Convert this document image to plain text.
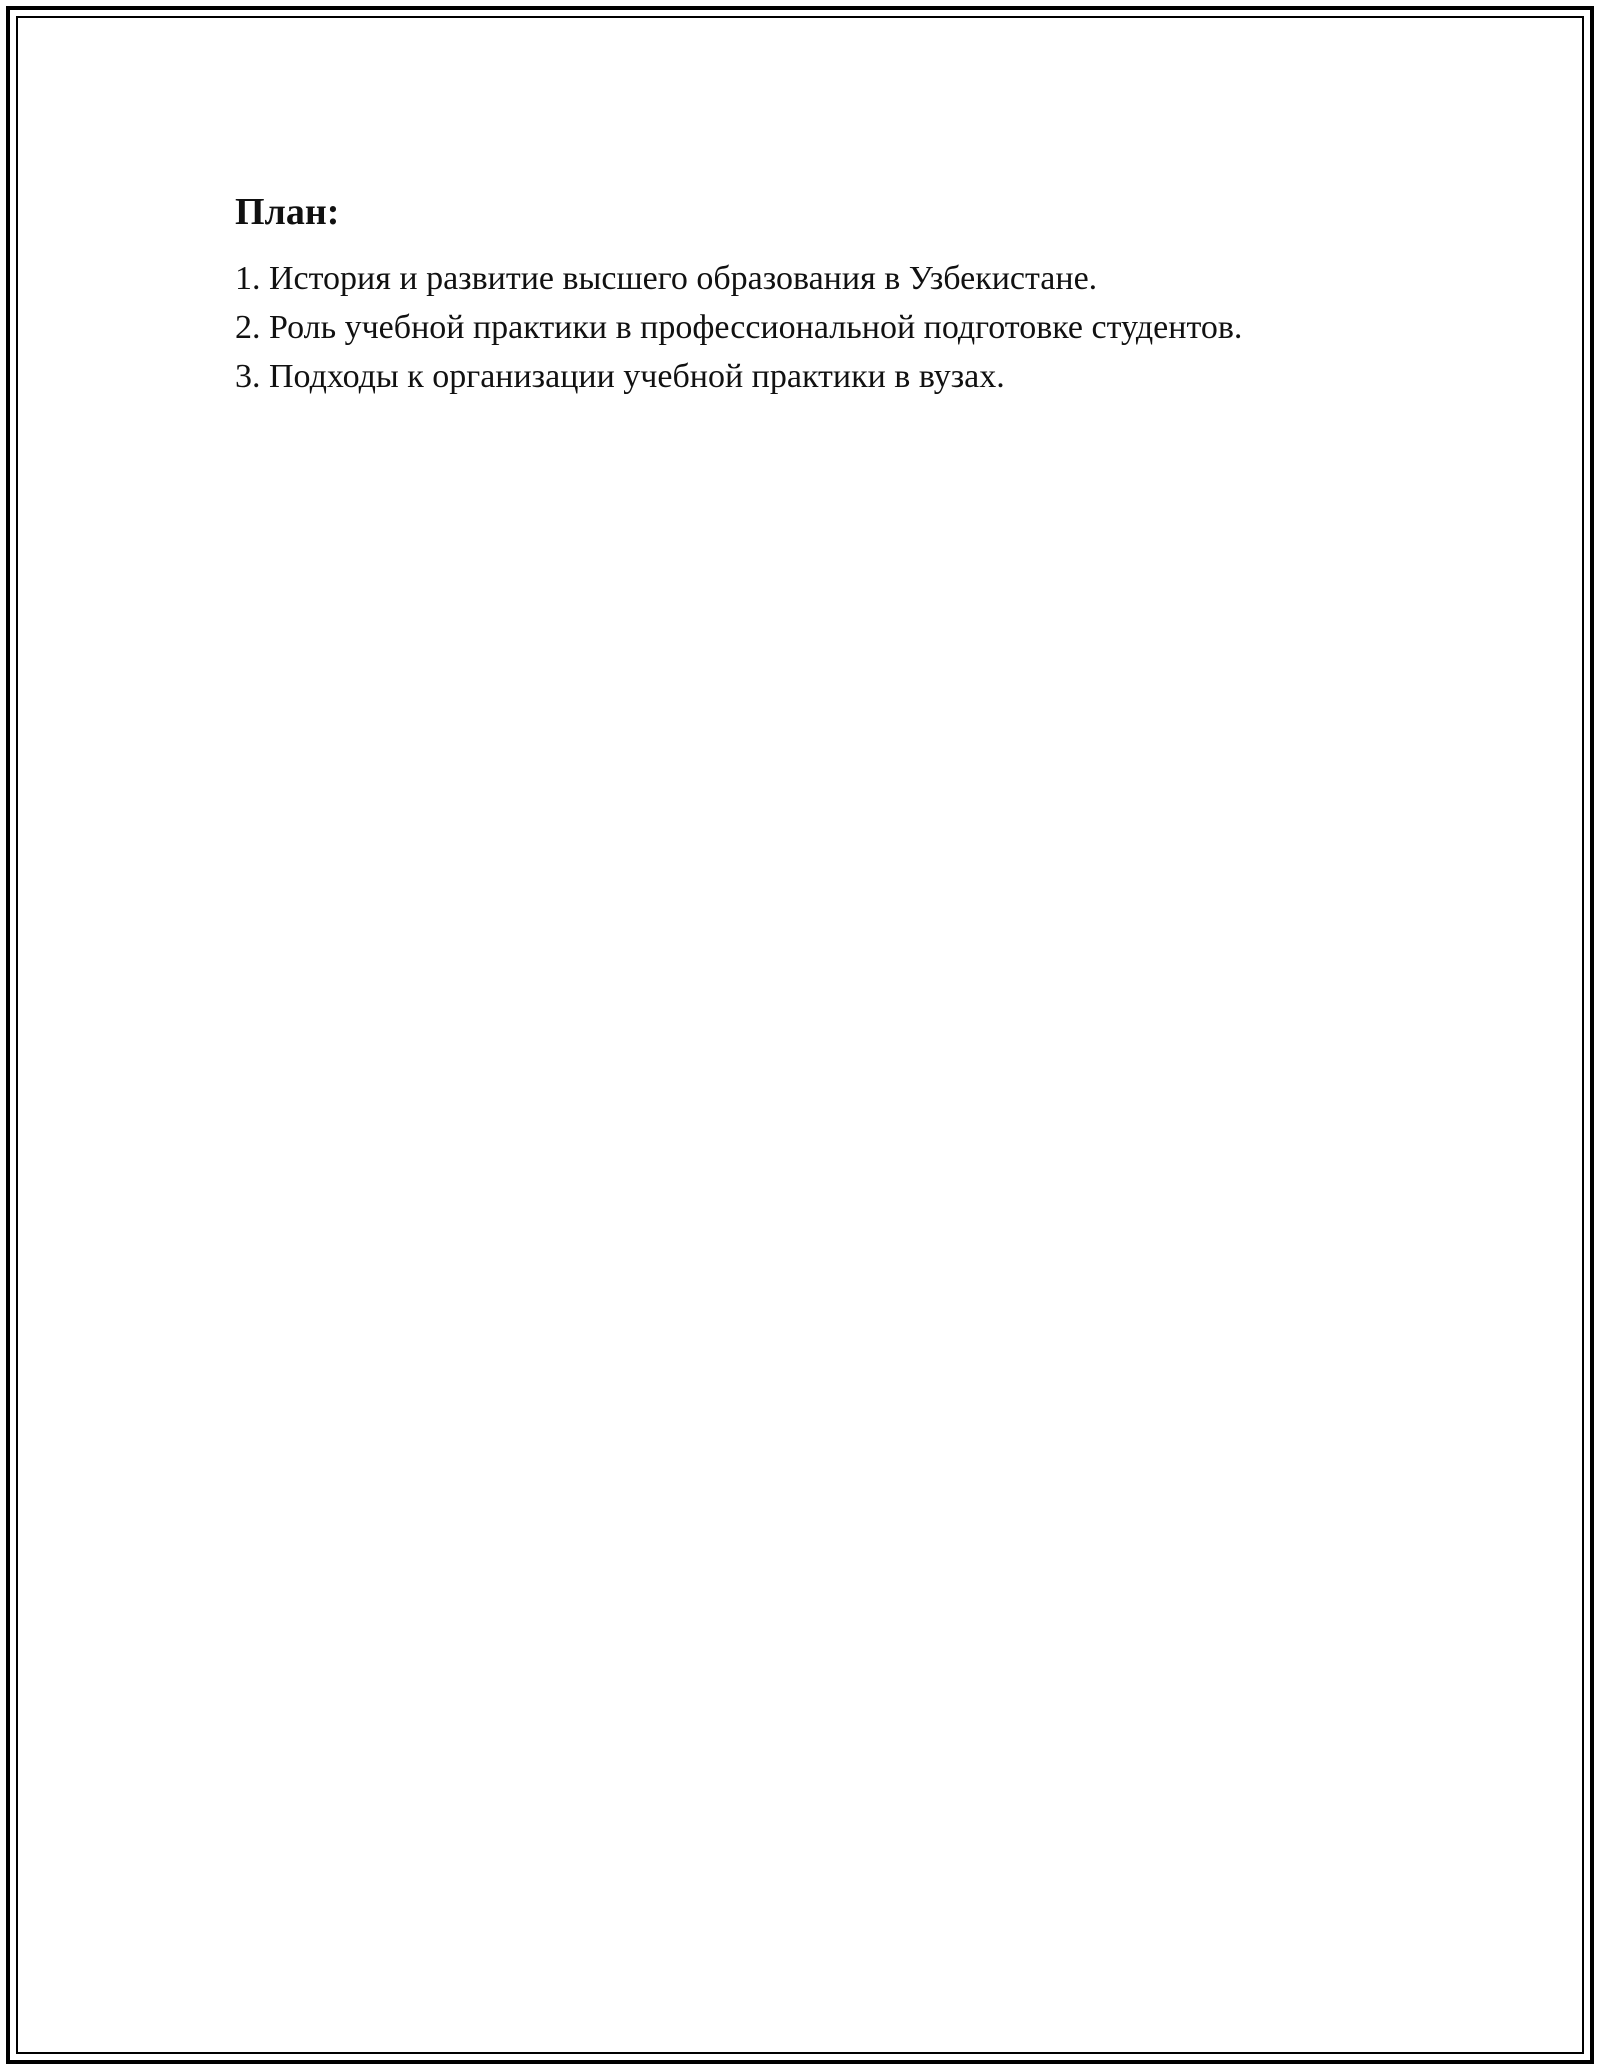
План:
1. История и развитие высшего образования в Узбекистане.
2. Роль учебной практики в профессиональной подготовке студентов.
3. Подходы к организации учебной практики в вузах.
